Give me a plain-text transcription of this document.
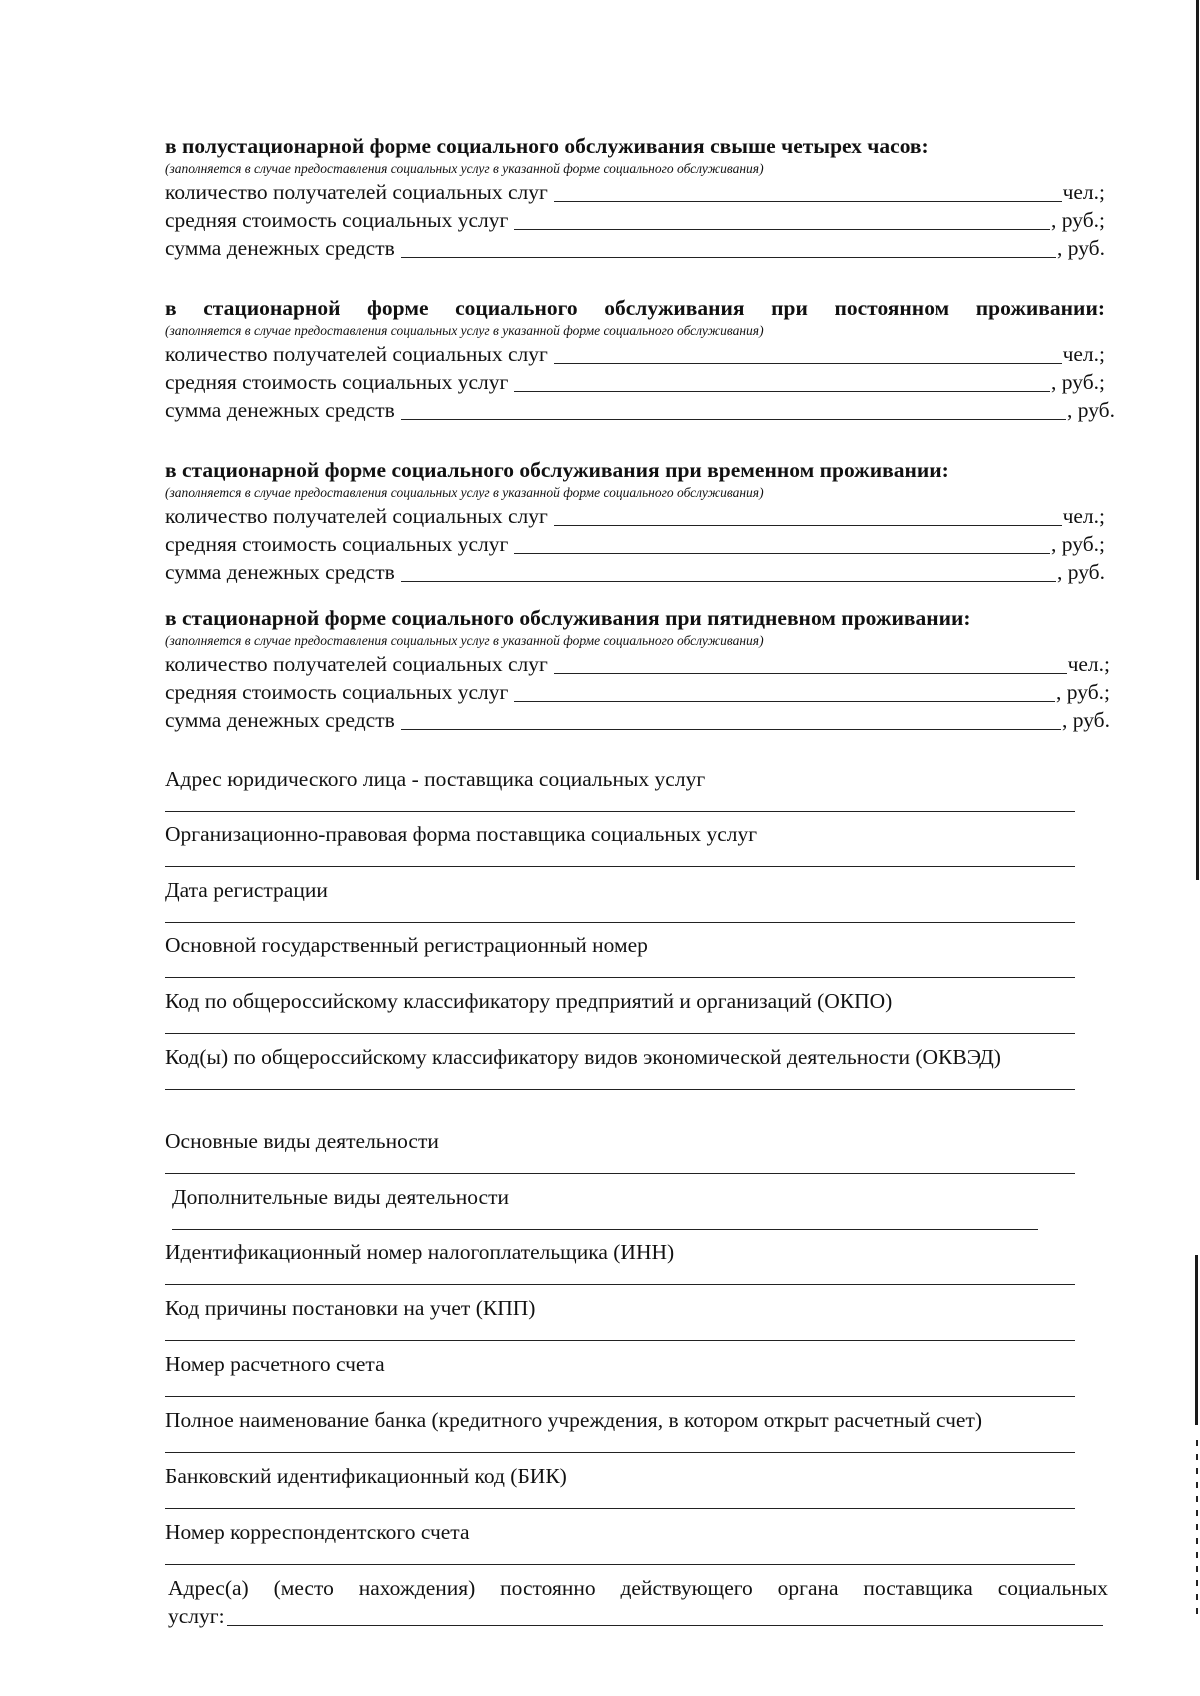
в полустационарной форме социального обслуживания свыше четырех часов:
(заполняется в случае предоставления социальных услуг в указанной форме социального обслуживания)
количество получателей социальных слуг	чел.;
средняя стоимость социальных услуг	, руб.;
сумма денежных средств	, руб.
в стационарной форме социального обслуживания при постоянном проживании:
(заполняется в случае предоставления социальных услуг в указанной форме социального обслуживания)
количество получателей социальных слуг	чел.;
средняя стоимость социальных услуг	, руб.;
сумма денежных средств	, руб.
в стационарной форме социального обслуживания при временном проживании:
(заполняется в случае предоставления социальных услуг в указанной форме социального обслуживания)
количество получателей социальных слуг	чел.;
средняя стоимость социальных услуг	, руб.;
сумма денежных средств	, руб.
в стационарной форме социального обслуживания при пятидневном проживании:
(заполняется в случае предоставления социальных услуг в указанной форме социального обслуживания)
количество получателей социальных слуг	чел.;
средняя стоимость социальных услуг	, руб.;
сумма денежных средств	, руб.
Адрес юридического лица - поставщика социальных услуг
Организационно-правовая форма поставщика социальных услуг
Дата регистрации
Основной государственный регистрационный номер
Код по общероссийскому классификатору предприятий и организаций (ОКПО)
Код(ы) по общероссийскому классификатору видов экономической деятельности (ОКВЭД)
Основные виды деятельности
Дополнительные виды деятельности
Идентификационный номер налогоплательщика (ИНН)
Код причины постановки на учет (КПП)
Номер расчетного счета
Полное наименование банка (кредитного учреждения, в котором открыт расчетный счет)
Банковский идентификационный код (БИК)
Номер корреспондентского счета
Адрес(а) (место нахождения) постоянно действующего органа поставщика социальных
услуг:
